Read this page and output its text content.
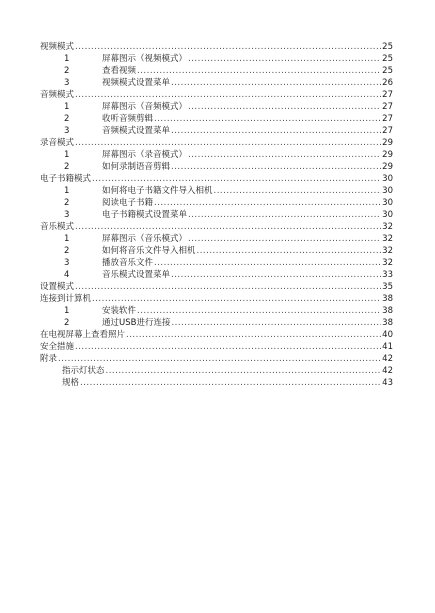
视频模式 .....	25
1	屏幕图示（视频模式） .....	25
2	查看视频 .....	25
3	视频模式设置菜单 .....	26
音频模式 .....	27
1	屏幕图示（音频模式） .....	27
2	收听音频剪辑 .....	27
3	音频模式设置菜单 .....	27
录音模式 .....	29
1	屏幕图示（录音模式） .....	29
2	如何录制语音剪辑 .....	29
电子书籍模式 .....	30
1	如何将电子书籍文件导入相机 .....	30
2	阅读电子书籍 .....	30
3	电子书籍模式设置菜单 .....	30
音乐模式 .....	32
1	屏幕图示（音乐模式） .....	32
2	如何将音乐文件导入相机 .....	32
3	播放音乐文件 .....	32
4	音乐模式设置菜单 .....	33
设置模式 .....	35
连接到计算机 .....	38
1	安装软件 .....	38
2	通过USB进行连接 .....	38
在电视屏幕上查看照片 .....	40
安全措施 .....	41
附录 .....	42
指示灯状态 .....	42
规格 .....	43
